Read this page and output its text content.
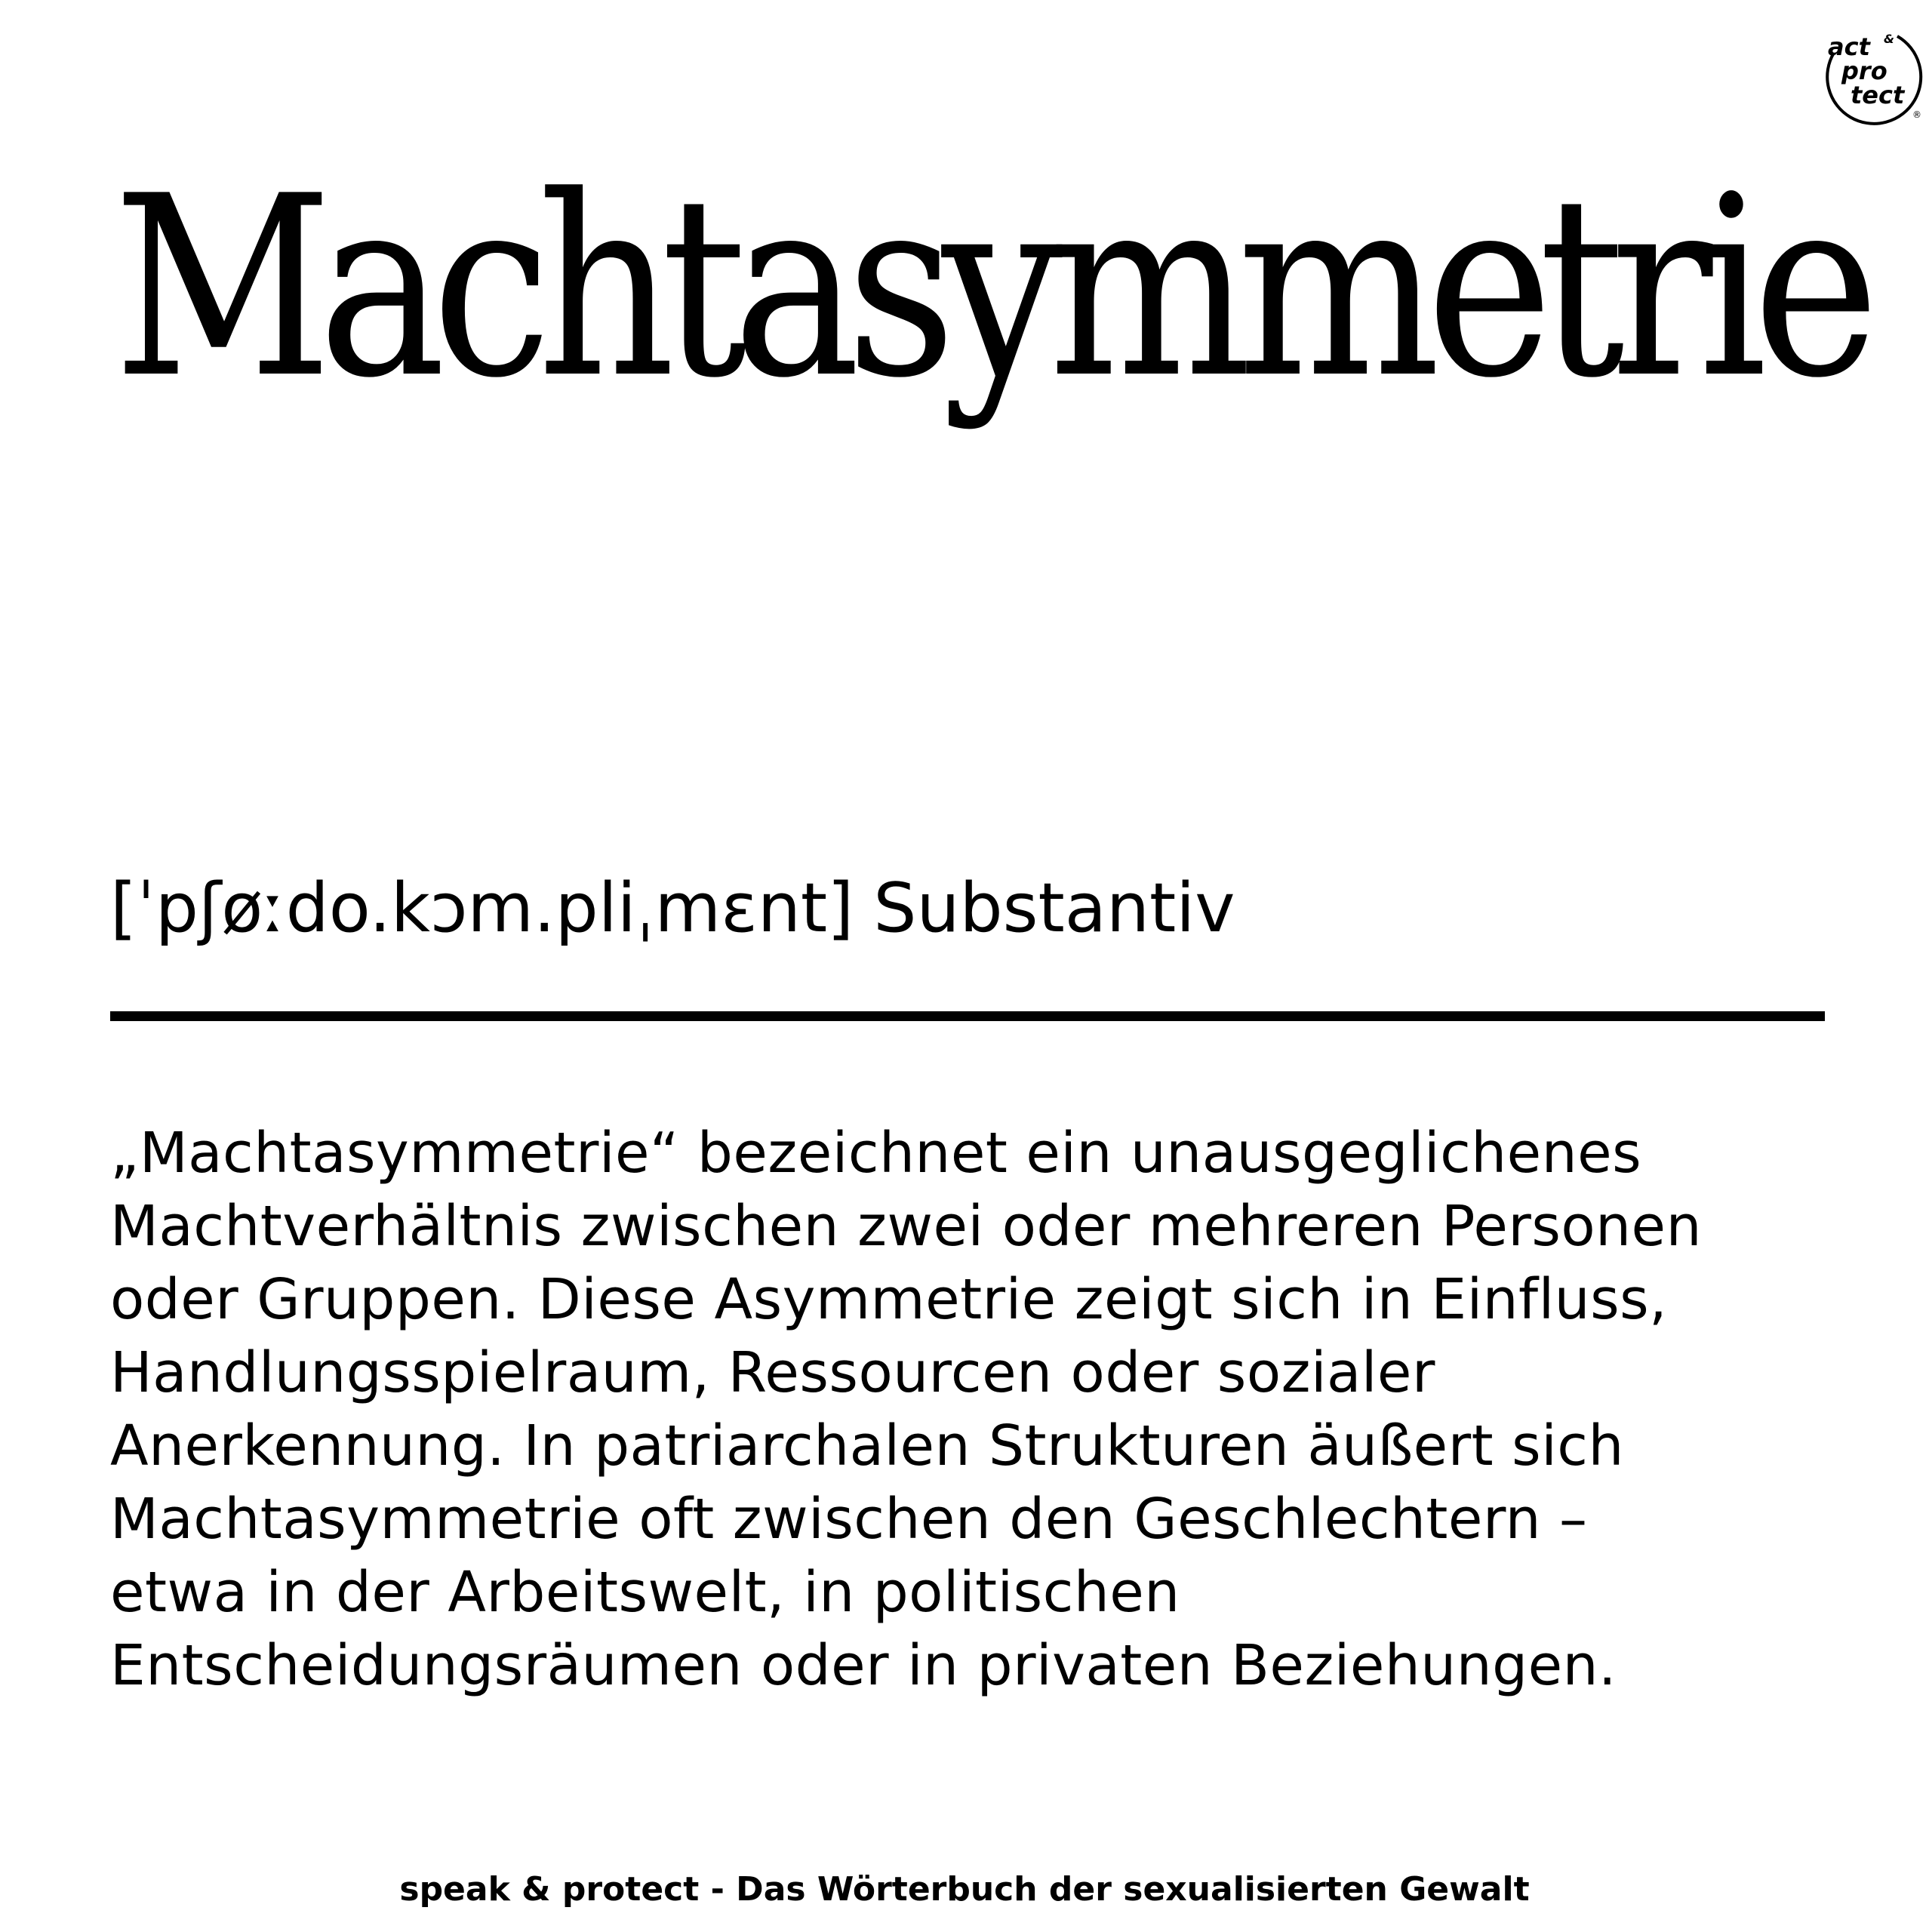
act &
pro
tect
®
Machtasymmetrie
[ˈpʃøːdo.kɔm.pliˌmɛnt] Substantiv
„Machtasymmetrie“ bezeichnet ein unausgeglichenes
Machtverhältnis zwischen zwei oder mehreren Personen
oder Gruppen. Diese Asymmetrie zeigt sich in Einfluss,
Handlungsspielraum, Ressourcen oder sozialer
Anerkennung. In patriarchalen Strukturen äußert sich
Machtasymmetrie oft zwischen den Geschlechtern –
etwa in der Arbeitswelt, in politischen
Entscheidungsräumen oder in privaten Beziehungen.
speak & protect - Das Wörterbuch der sexualisierten Gewalt
